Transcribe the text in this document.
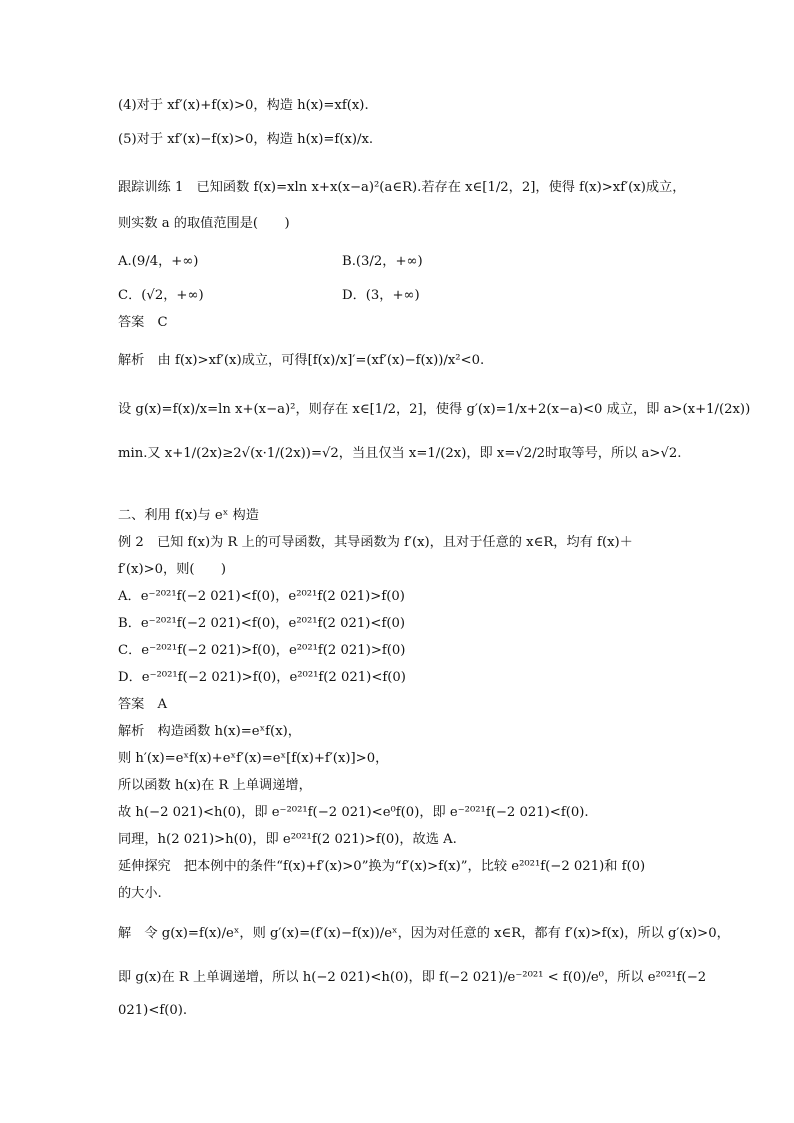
(4)对于 xf′(x)+f(x)>0，构造 h(x)=xf(x).
(5)对于 xf′(x)−f(x)>0，构造 h(x)=f(x)/x.
跟踪训练 1　已知函数 f(x)=xln x+x(x−a)²(a∈R).若存在 x∈[1/2，2]，使得 f(x)>xf′(x)成立，
则实数 a 的取值范围是(　　)
A.(9/4，+∞)	B.(3/2，+∞)
C．(√2，+∞)	D．(3，+∞)
答案　C
解析　由 f(x)>xf′(x)成立，可得[f(x)/x]′=(xf′(x)−f(x))/x²<0.
设 g(x)=f(x)/x=ln x+(x−a)²，则存在 x∈[1/2，2]，使得 g′(x)=1/x+2(x−a)<0 成立，即 a>(x+1/(2x))
min.又 x+1/(2x)≥2√(x·1/(2x))=√2，当且仅当 x=1/(2x)，即 x=√2/2时取等号，所以 a>√2.
二、利用 f(x)与 eˣ 构造
例 2　已知 f(x)为 R 上的可导函数，其导函数为 f′(x)，且对于任意的 x∈R，均有 f(x)＋
f′(x)>0，则(　　)
A．e⁻²⁰²¹f(−2 021)<f(0)，e²⁰²¹f(2 021)>f(0)
B．e⁻²⁰²¹f(−2 021)<f(0)，e²⁰²¹f(2 021)<f(0)
C．e⁻²⁰²¹f(−2 021)>f(0)，e²⁰²¹f(2 021)>f(0)
D．e⁻²⁰²¹f(−2 021)>f(0)，e²⁰²¹f(2 021)<f(0)
答案　A
解析　构造函数 h(x)=eˣf(x)，
则 h′(x)=eˣf(x)+eˣf′(x)=eˣ[f(x)+f′(x)]>0，
所以函数 h(x)在 R 上单调递增，
故 h(−2 021)<h(0)，即 e⁻²⁰²¹f(−2 021)<e⁰f(0)，即 e⁻²⁰²¹f(−2 021)<f(0).
同理，h(2 021)>h(0)，即 e²⁰²¹f(2 021)>f(0)，故选 A.
延伸探究　把本例中的条件“f(x)+f′(x)>0”换为“f′(x)>f(x)”，比较 e²⁰²¹f(−2 021)和 f(0)
的大小.
解　令 g(x)=f(x)/eˣ，则 g′(x)=(f′(x)−f(x))/eˣ，因为对任意的 x∈R，都有 f′(x)>f(x)，所以 g′(x)>0，
即 g(x)在 R 上单调递增，所以 h(−2 021)<h(0)，即 f(−2 021)/e⁻²⁰²¹ < f(0)/e⁰，所以 e²⁰²¹f(−2
021)<f(0).
